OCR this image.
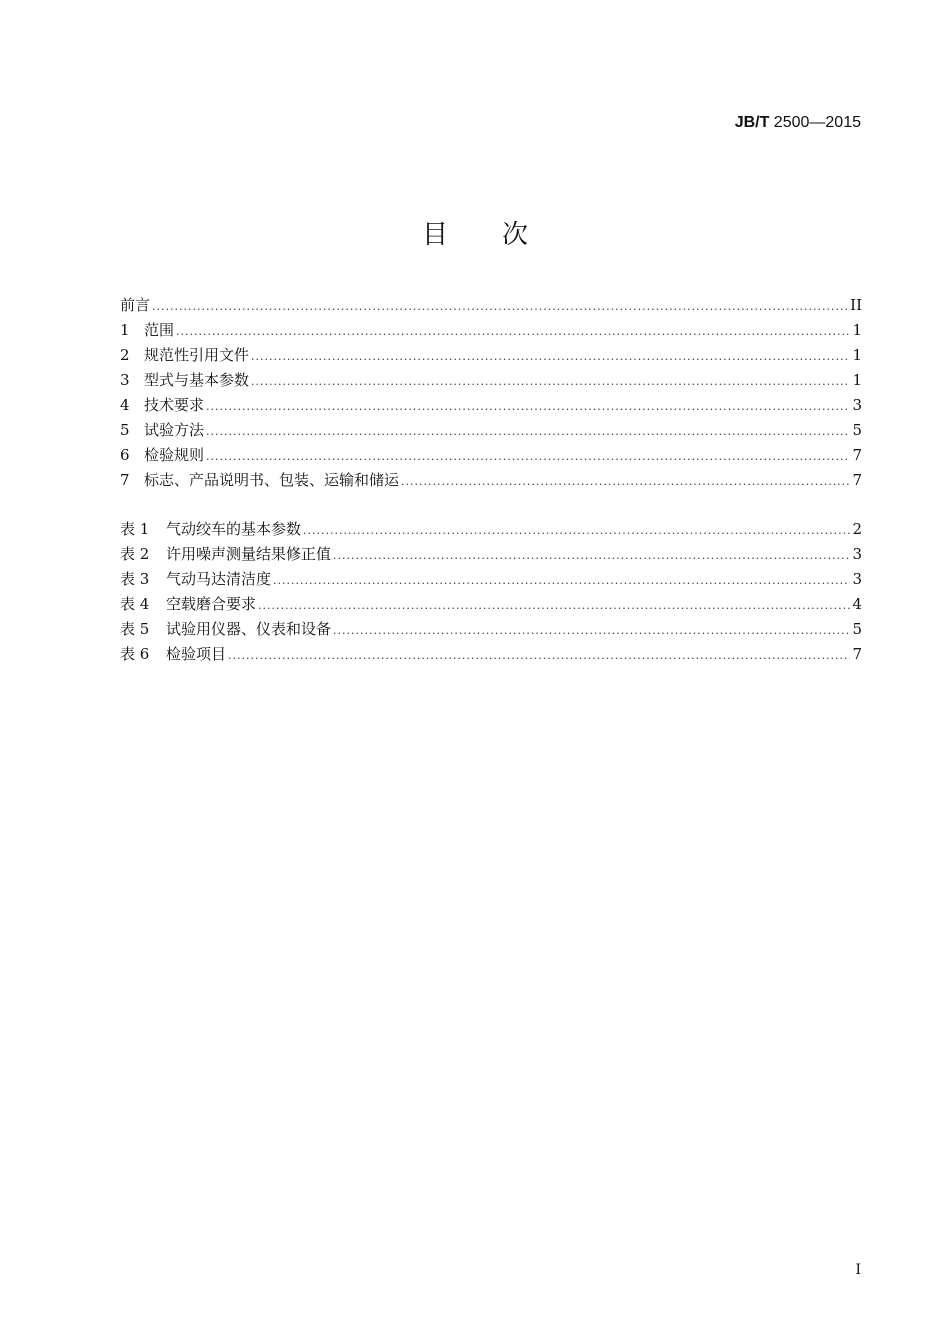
JB/T 2500—2015
目 次
前言 .....	II
1 范围 .....	1
2 规范性引用文件 .....	1
3 型式与基本参数 .....	1
4 技术要求 .....	3
5 试验方法 .....	5
6 检验规则 .....	7
7 标志、产品说明书、包装、运输和储运 .....	7
表 1	气动绞车的基本参数 .....	2
表 2	许用噪声测量结果修正值 .....	3
表 3	气动马达清洁度 .....	3
表 4	空载磨合要求 .....	4
表 5	试验用仪器、仪表和设备 .....	5
表 6	检验项目 .....	7
I
